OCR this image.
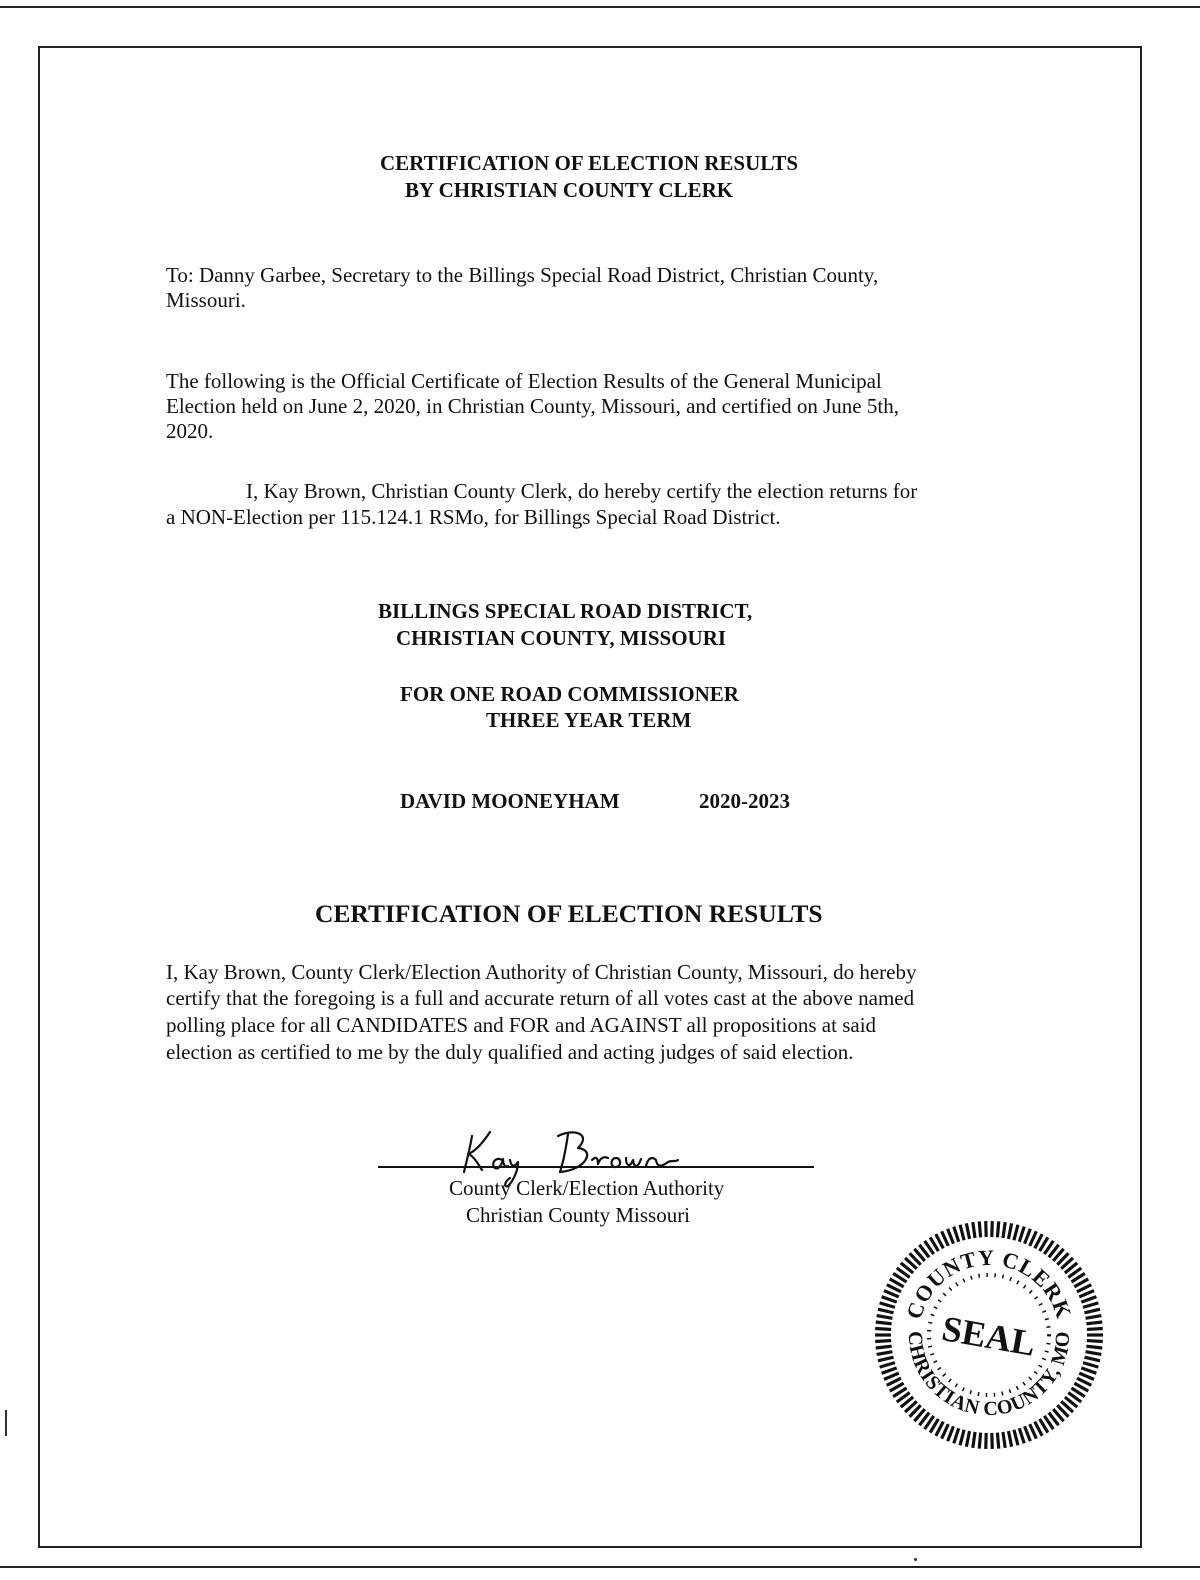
CERTIFICATION OF ELECTION RESULTS
BY CHRISTIAN COUNTY CLERK
To: Danny Garbee, Secretary to the Billings Special Road District, Christian County,
Missouri.
The following is the Official Certificate of Election Results of the General Municipal
Election held on June 2, 2020, in Christian County, Missouri, and certified on June 5th,
2020.
I, Kay Brown, Christian County Clerk, do hereby certify the election returns for
a NON-Election per 115.124.1 RSMo, for Billings Special Road District.
BILLINGS SPECIAL ROAD DISTRICT,
CHRISTIAN COUNTY, MISSOURI
FOR ONE ROAD COMMISSIONER
THREE YEAR TERM
DAVID MOONEYHAM	2020-2023
CERTIFICATION OF ELECTION RESULTS
I, Kay Brown, County Clerk/Election Authority of Christian County, Missouri, do hereby
certify that the foregoing is a full and accurate return of all votes cast at the above named
polling place for all CANDIDATES and FOR and AGAINST all propositions at said
election as certified to me by the duly qualified and acting judges of said election.
County Clerk/Election Authority
Christian County Missouri
COUNTY CLERK
CHRISTIAN COUNTY, MO
SEAL
